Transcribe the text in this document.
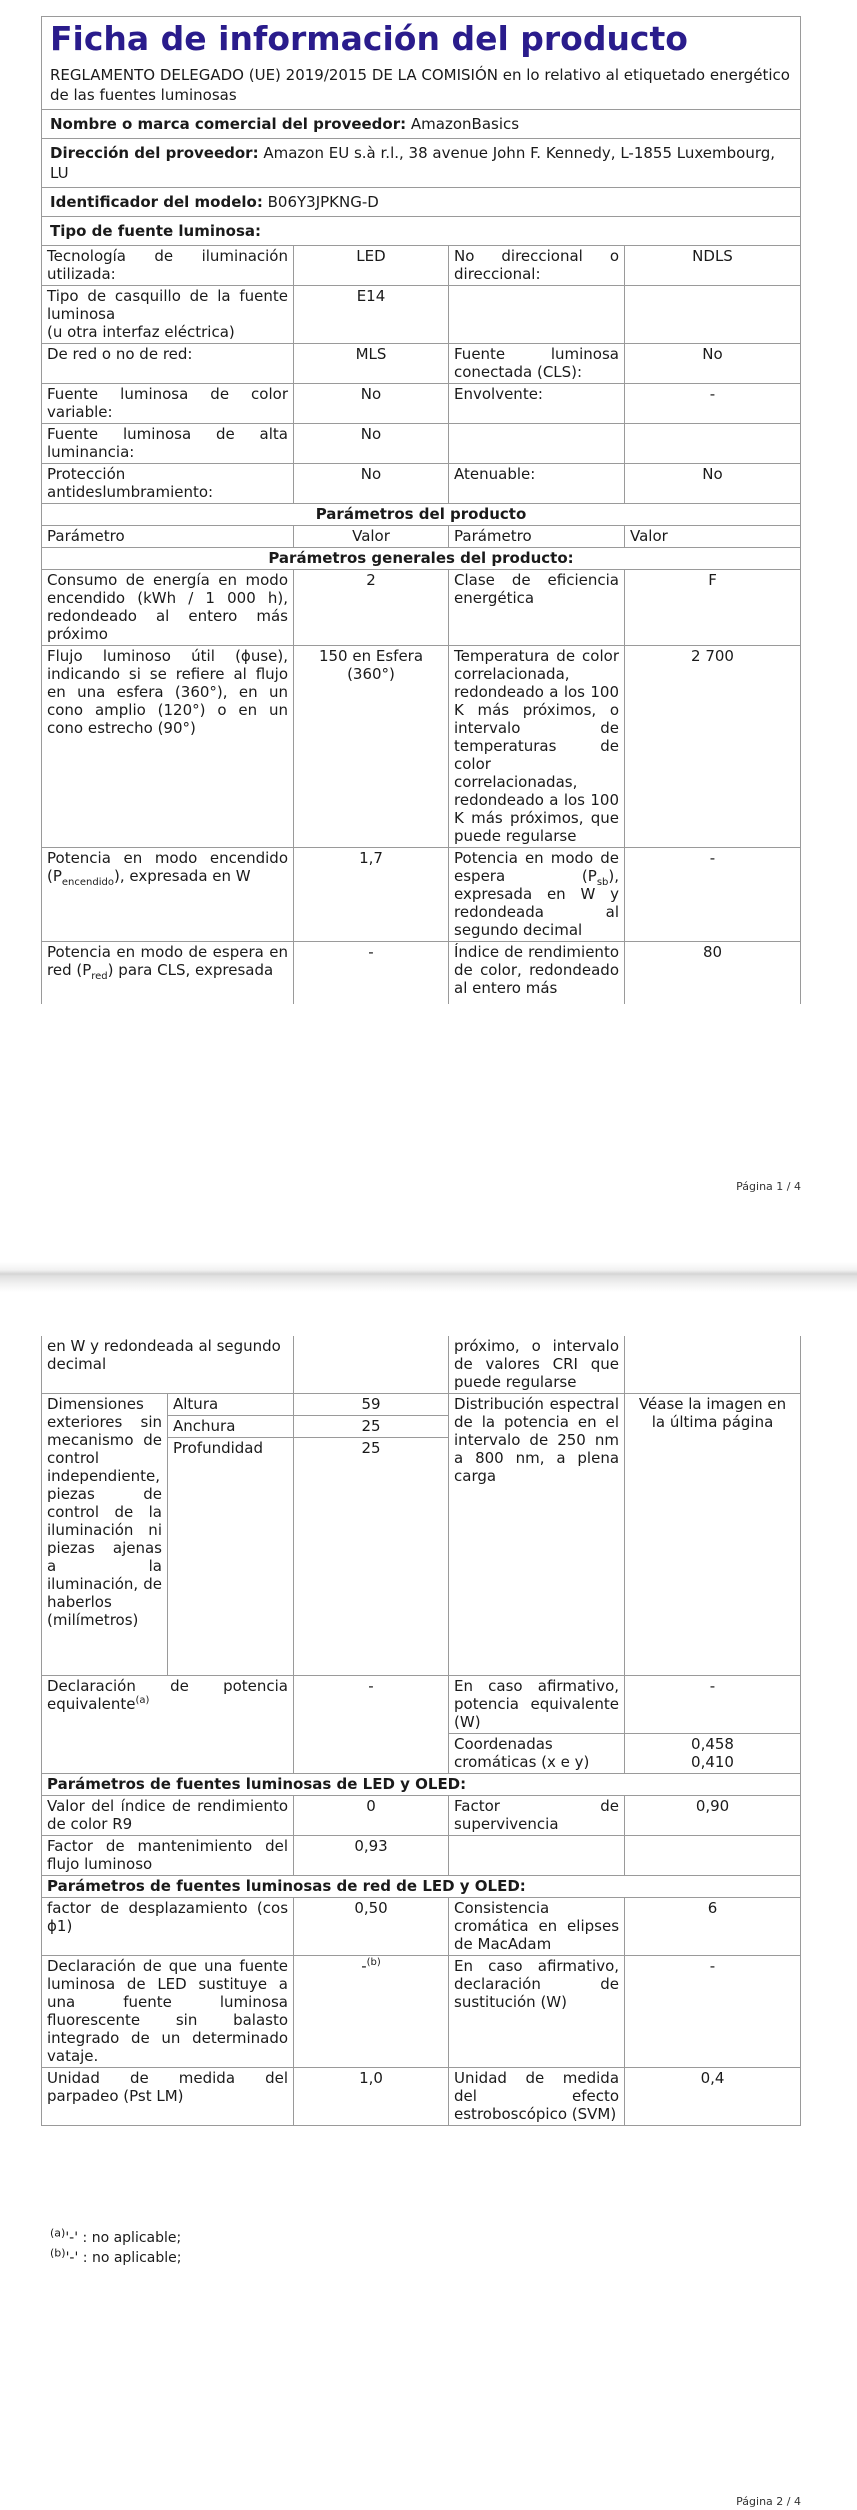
Ficha de información del producto			
REGLAMENTO DELEGADO (UE) 2019/2015 DE LA COMISIÓN en lo relativo al etiquetado energético de las fuentes luminosas			
Nombre o marca comercial del proveedor: AmazonBasics			
Dirección del proveedor: Amazon EU s.à r.l., 38 avenue John F. Kennedy, L-1855 Luxembourg, LU			
Identificador del modelo: B06Y3JPKNG-D			
Tipo de fuente luminosa:			
Tecnología de iluminación utilizada:	LED	No direccional o direccional:	NDLS

Tipo de casquillo de la fuente luminosa
(u otra interfaz eléctrica)	E14		
De red o no de red:	MLS	Fuente luminosa conectada (CLS):	No
Fuente luminosa de color variable:	No	Envolvente:	-
Fuente luminosa de alta luminancia:	No		
Protección antideslumbramiento:	No	Atenuable:	No
Parámetros del producto			
Parámetro	Valor	Parámetro	Valor
Parámetros generales del producto:			
Consumo de energía en modo encendido (kWh / 1 000 h), redondeado al entero más próximo	2	Clase de eficiencia energética	F
Flujo luminoso útil (ϕuse), indicando si se refiere al flujo en una esfera (360°), en un cono amplio (120°) o en un cono estrecho (90°)	150 en Esfera (360°)	Temperatura de color correlacionada, redondeado a los 100 K más próximos, o intervalo de temperaturas de color correlacionadas, redondeado a los 100 K más próximos, que puede regularse	2 700
Potencia en modo encendido $(P_{encendido})$, expresada en W	1,7	Potencia en modo de espera $(P_{sb})$, expresada en W y redondeada al segundo decimal	-
Potencia en modo de espera en red $(P_{red})$ para CLS, expresada	-	Índice de rendimiento de color, redondeado al entero más	80
Página 1 / 4
en W y redondeada al segundo decimal			próximo, o intervalo de valores CRI que puede regularse	
Dimensiones exteriores sin mecanismo de control independiente, piezas de control de la iluminación ni piezas ajenas a la iluminación, de haberlos (milímetros)	Altura	59	Distribución espectral de la potencia en el intervalo de 250 nm a 800 nm, a plena carga	Véase la imagen en la última página
	Anchura	25		
	Profundidad	25		
Declaración de potencia equivalente$^{(a)}$		-	En caso afirmativo, potencia equivalente (W)	-
			Coordenadas cromáticas (x e y)	0,458
0,410

Parámetros de fuentes luminosas de LED y OLED:				
Valor del índice de rendimiento de color R9		0	Factor de supervivencia	0,90
Factor de mantenimiento del flujo luminoso		0,93		
Parámetros de fuentes luminosas de red de LED y OLED:				
factor de desplazamiento (cos ϕ1)		0,50	Consistencia cromática en elipses de MacAdam	6
Declaración de que una fuente luminosa de LED sustituye a una fuente luminosa fluorescente sin balasto integrado de un determinado vataje.		-$^{(b)}$	En caso afirmativo, declaración de sustitución (W)	-
Unidad de medida del parpadeo (Pst LM)		1,0	Unidad de medida del efecto estroboscópico (SVM)	0,4
$^{(a)}$'-' : no aplicable;
$^{(b)}$'-' : no aplicable;
Página 2 / 4
